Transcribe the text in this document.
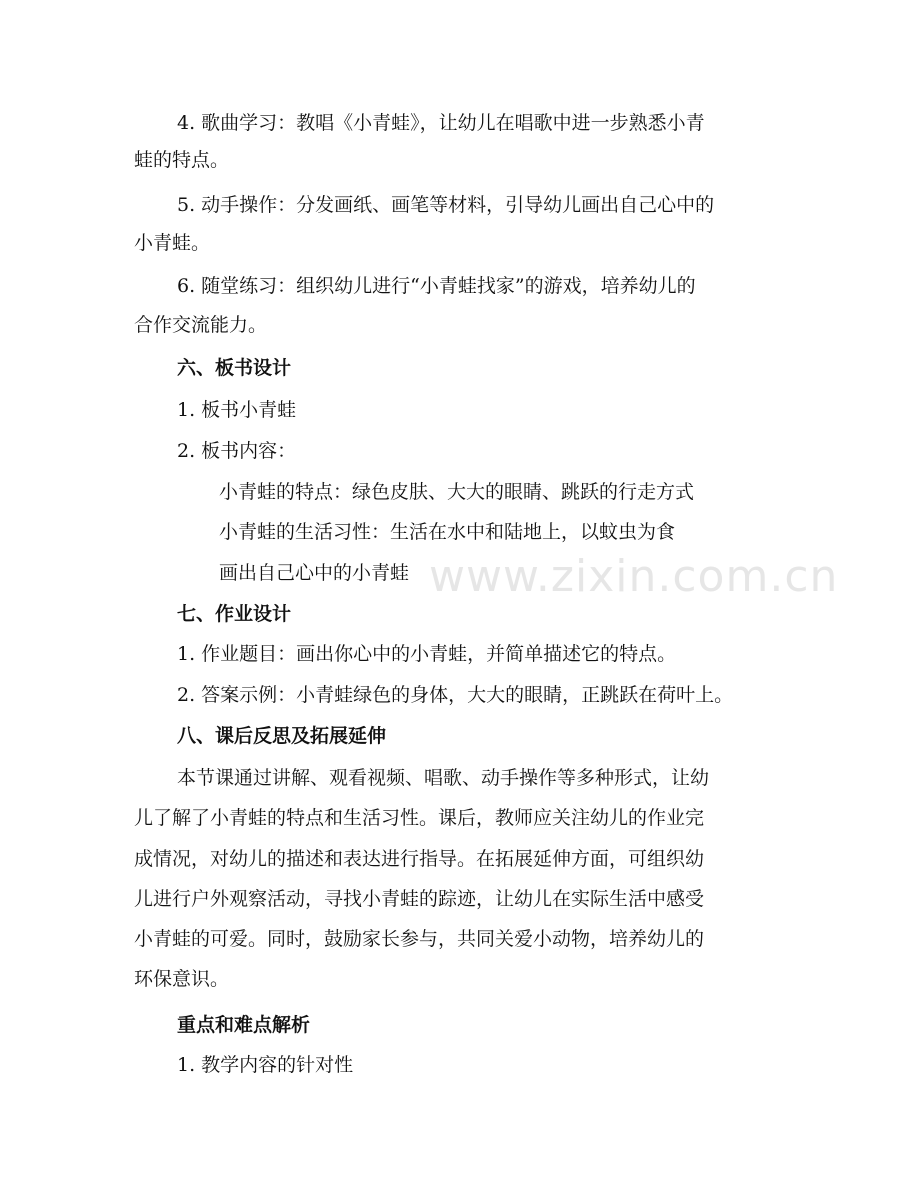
www.zixin.com.cn
4. 歌曲学习：教唱《小青蛙》，让幼儿在唱歌中进一步熟悉小青
蛙的特点。
5. 动手操作：分发画纸、画笔等材料，引导幼儿画出自己心中的
小青蛙。
6. 随堂练习：组织幼儿进行“小青蛙找家”的游戏，培养幼儿的
合作交流能力。
六、板书设计
1. 板书小青蛙
2. 板书内容：
小青蛙的特点：绿色皮肤、大大的眼睛、跳跃的行走方式
小青蛙的生活习性：生活在水中和陆地上，以蚊虫为食
画出自己心中的小青蛙
七、作业设计
1. 作业题目：画出你心中的小青蛙，并简单描述它的特点。
2. 答案示例：小青蛙绿色的身体，大大的眼睛，正跳跃在荷叶上。
八、课后反思及拓展延伸
本节课通过讲解、观看视频、唱歌、动手操作等多种形式，让幼
儿了解了小青蛙的特点和生活习性。课后，教师应关注幼儿的作业完
成情况，对幼儿的描述和表达进行指导。在拓展延伸方面，可组织幼
儿进行户外观察活动，寻找小青蛙的踪迹，让幼儿在实际生活中感受
小青蛙的可爱。同时，鼓励家长参与，共同关爱小动物，培养幼儿的
环保意识。
重点和难点解析
1. 教学内容的针对性
